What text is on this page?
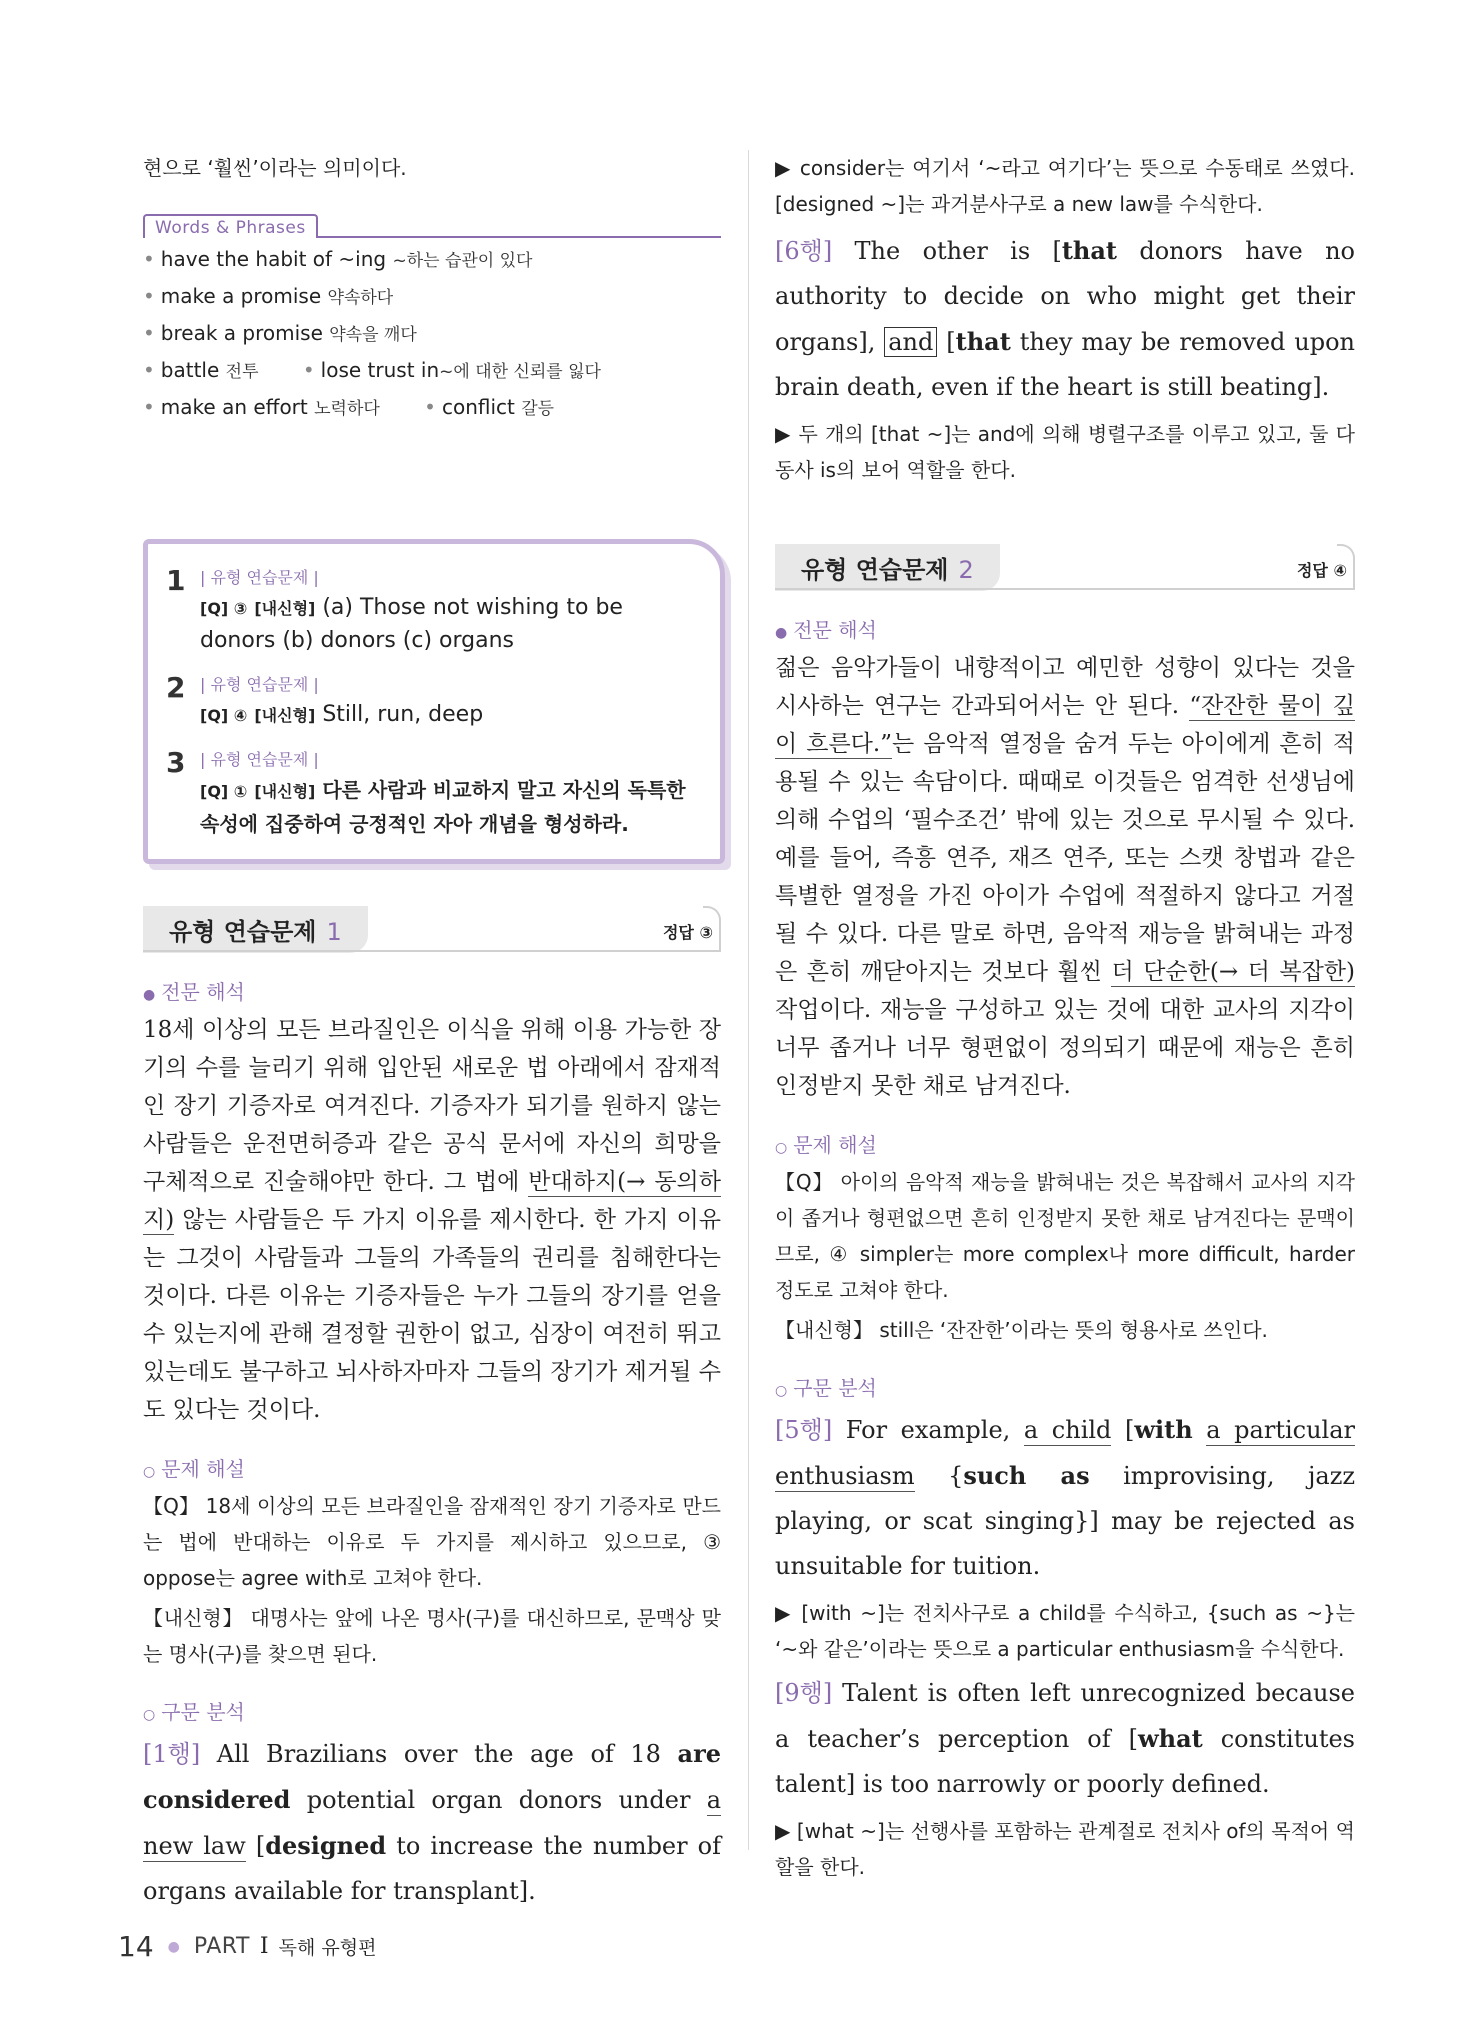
현으로 ‘훨씬’이라는 의미이다.
Words & Phrases
• have the habit of ~ing ~하는 습관이 있다
• make a promise 약속하다 • break a promise 약속을 깨다
• battle 전투 • lose trust in~에 대한 신뢰를 잃다
• make an effort 노력하다 • conflict 갈등
1 | 유형 연습문제 |
[Q] ③ [내신형] (a) Those not wishing to be donors (b) donors (c) organs
2 | 유형 연습문제 |
[Q] ④ [내신형] Still, run, deep
3 | 유형 연습문제 |
[Q] ① [내신형] 다른 사람과 비교하지 말고 자신의 독특한 속성에 집중하여 긍정적인 자아 개념을 형성하라.
유형 연습문제 1	정답 ③
● 전문 해석
18세 이상의 모든 브라질인은 이식을 위해 이용 가능한 장기의 수를 늘리기 위해 입안된 새로운 법 아래에서 잠재적인 장기 기증자로 여겨진다. 기증자가 되기를 원하지 않는 사람들은 운전면허증과 같은 공식 문서에 자신의 희망을 구체적으로 진술해야만 한다. 그 법에 반대하지(→ 동의하지) 않는 사람들은 두 가지 이유를 제시한다. 한 가지 이유는 그것이 사람들과 그들의 가족들의 권리를 침해한다는 것이다. 다른 이유는 기증자들은 누가 그들의 장기를 얻을 수 있는지에 관해 결정할 권한이 없고, 심장이 여전히 뛰고 있는데도 불구하고 뇌사하자마자 그들의 장기가 제거될 수도 있다는 것이다.
○ 문제 해설
【Q】 18세 이상의 모든 브라질인을 잠재적인 장기 기증자로 만드는 법에 반대하는 이유로 두 가지를 제시하고 있으므로, ③ oppose는 agree with로 고쳐야 한다.
【내신형】 대명사는 앞에 나온 명사(구)를 대신하므로, 문맥상 맞는 명사(구)를 찾으면 된다.
○ 구문 분석
[1행] All Brazilians over the age of 18 are considered potential organ donors under a new law [designed to increase the number of organs available for transplant].
▶ consider는 여기서 ‘~라고 여기다’는 뜻으로 수동태로 쓰였다. [designed ~]는 과거분사구로 a new law를 수식한다.
[6행] The other is [that donors have no authority to decide on who might get their organs], and [that they may be removed upon brain death, even if the heart is still beating].
▶ 두 개의 [that ~]는 and에 의해 병렬구조를 이루고 있고, 둘 다 동사 is의 보어 역할을 한다.
유형 연습문제 2	정답 ④
● 전문 해석
젊은 음악가들이 내향적이고 예민한 성향이 있다는 것을 시사하는 연구는 간과되어서는 안 된다. “잔잔한 물이 깊이 흐른다.”는 음악적 열정을 숨겨 두는 아이에게 흔히 적용될 수 있는 속담이다. 때때로 이것들은 엄격한 선생님에 의해 수업의 ‘필수조건’ 밖에 있는 것으로 무시될 수 있다. 예를 들어, 즉흥 연주, 재즈 연주, 또는 스캣 창법과 같은 특별한 열정을 가진 아이가 수업에 적절하지 않다고 거절될 수 있다. 다른 말로 하면, 음악적 재능을 밝혀내는 과정은 흔히 깨닫아지는 것보다 훨씬 더 단순한(→ 더 복잡한) 작업이다. 재능을 구성하고 있는 것에 대한 교사의 지각이 너무 좁거나 너무 형편없이 정의되기 때문에 재능은 흔히 인정받지 못한 채로 남겨진다.
○ 문제 해설
【Q】 아이의 음악적 재능을 밝혀내는 것은 복잡해서 교사의 지각이 좁거나 형편없으면 흔히 인정받지 못한 채로 남겨진다는 문맥이므로, ④ simpler는 more complex나 more difficult, harder 정도로 고쳐야 한다.
【내신형】 still은 ‘잔잔한’이라는 뜻의 형용사로 쓰인다.
○ 구문 분석
[5행] For example, a child [with a particular enthusiasm {such as improvising, jazz playing, or scat singing}] may be rejected as unsuitable for tuition.
▶ [with ~]는 전치사구로 a child를 수식하고, {such as ~}는 ‘~와 같은’이라는 뜻으로 a particular enthusiasm을 수식한다.
[9행] Talent is often left unrecognized because a teacher’s perception of [what constitutes talent] is too narrowly or poorly defined.
▶ [what ~]는 선행사를 포함하는 관계절로 전치사 of의 목적어 역할을 한다.
14 ● PART I 독해 유형편
